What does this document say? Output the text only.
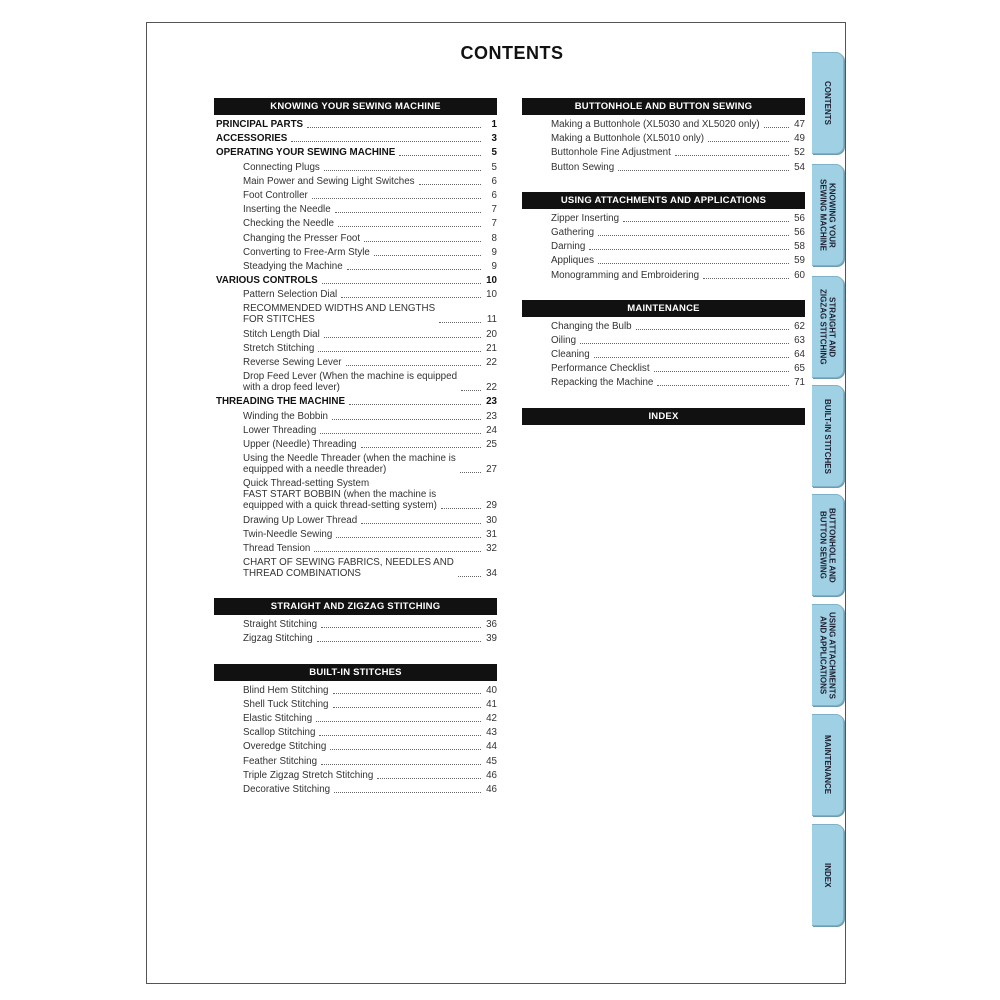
CONTENTS
KNOWING YOUR SEWING MACHINE
PRINCIPAL PARTS	1
ACCESSORIES	3
OPERATING YOUR SEWING MACHINE	5
Connecting Plugs	5
Main Power and Sewing Light Switches	6
Foot Controller	6
Inserting the Needle	7
Checking the Needle	7
Changing the Presser Foot	8
Converting to Free-Arm Style	9
Steadying the Machine	9
VARIOUS CONTROLS	10
Pattern Selection Dial	10
RECOMMENDED WIDTHS AND LENGTHS
FOR STITCHES	11
Stitch Length Dial	20
Stretch Stitching	21
Reverse Sewing Lever	22
Drop Feed Lever (When the machine is equipped
with a drop feed lever)	22
THREADING THE MACHINE	23
Winding the Bobbin	23
Lower Threading	24
Upper (Needle) Threading	25
Using the Needle Threader (when the machine is
equipped with a needle threader)	27
Quick Thread-setting System
FAST START BOBBIN (when the machine is
equipped with a quick thread-setting system)	29
Drawing Up Lower Thread	30
Twin-Needle Sewing	31
Thread Tension	32
CHART OF SEWING FABRICS, NEEDLES AND
THREAD COMBINATIONS	34
STRAIGHT AND ZIGZAG STITCHING
Straight Stitching	36
Zigzag Stitching	39
BUILT-IN STITCHES
Blind Hem Stitching	40
Shell Tuck Stitching	41
Elastic Stitching	42
Scallop Stitching	43
Overedge Stitching	44
Feather Stitching	45
Triple Zigzag Stretch Stitching	46
Decorative Stitching	46
BUTTONHOLE AND BUTTON SEWING
Making a Buttonhole (XL5030 and XL5020 only)	47
Making a Buttonhole (XL5010 only)	49
Buttonhole Fine Adjustment	52
Button Sewing	54
USING ATTACHMENTS AND APPLICATIONS
Zipper Inserting	56
Gathering	56
Darning	58
Appliques	59
Monogramming and Embroidering	60
MAINTENANCE
Changing the Bulb	62
Oiling	63
Cleaning	64
Performance Checklist	65
Repacking the Machine	71
INDEX
CONTENTS
KNOWING YOUR
SEWING MACHINE
STRAIGHT AND
ZIGZAG STITCHING
BUILT-IN STITCHES
BUTTONHOLE AND
BUTTON SEWING
USING ATTACHMENTS
AND APPLICATIONS
MAINTENANCE
INDEX
